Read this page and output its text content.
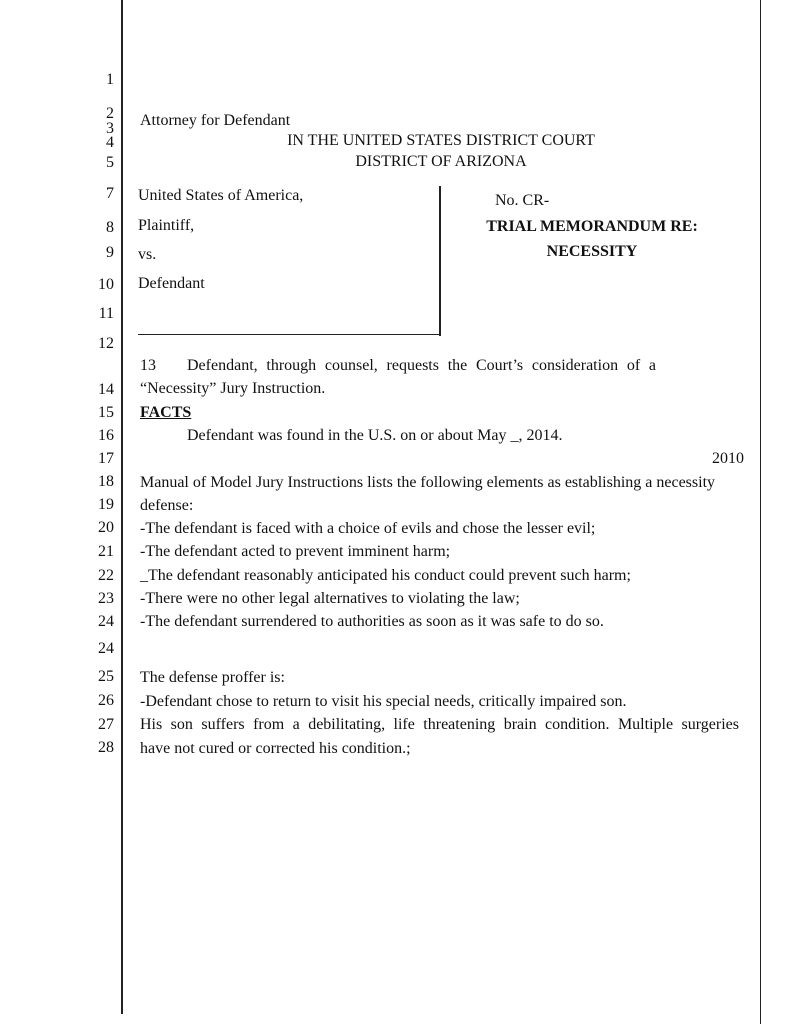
1
2
3
4
5
7
8
9
10
11
12
14
15
16
17
18
19
20
21
22
23
24
24
25
26
27
28
Attorney for Defendant
IN THE UNITED STATES DISTRICT COURT
DISTRICT OF ARIZONA
United States of America,
Plaintiff,
vs.
Defendant
No. CR-
TRIAL MEMORANDUM RE:
NECESSITY
13 Defendant, through counsel, requests the Court’s consideration of a
“Necessity” Jury Instruction.
FACTS
Defendant was found in the U.S. on or about May _, 2014.
2010
Manual of Model Jury Instructions lists the following elements as establishing a necessity
defense:
-The defendant is faced with a choice of evils and chose the lesser evil;
-The defendant acted to prevent imminent harm;
_The defendant reasonably anticipated his conduct could prevent such harm;
-There were no other legal alternatives to violating the law;
-The defendant surrendered to authorities as soon as it was safe to do so.
The defense proffer is:
-Defendant chose to return to visit his special needs, critically impaired son.
His son suffers from a debilitating, life threatening brain condition. Multiple surgeries
have not cured or corrected his condition.;
